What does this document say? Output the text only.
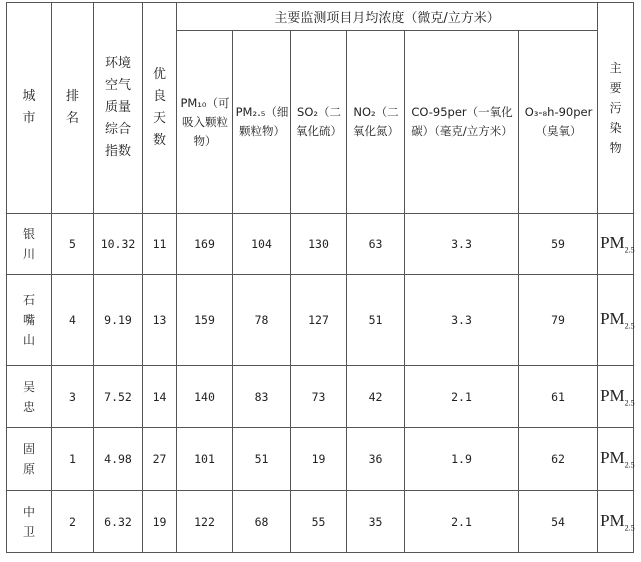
城市	排名	环境空气质量综合指数	优良天数	主要监测项目月均浓度（微克/立方米）						主要污染物

				PM₁₀（可吸入颗粒物）	PM₂.₅（细颗粒物）	SO₂（二氧化硫）	NO₂（二氧化氮）	CO-95per（一氧化碳）（毫克/立方米）	O₃-₈h-90per（臭氧）	

银川	5	10.32	11	169	104	130	63	3.3	59	$PM_{2.5}$

石嘴山	4	9.19	13	159	78	127	51	3.3	79	$PM_{2.5}$

吴忠	3	7.52	14	140	83	73	42	2.1	61	$PM_{2.5}$

固原	1	4.98	27	101	51	19	36	1.9	62	$PM_{2.5}$

中卫	2	6.32	19	122	68	55	35	2.1	54	$PM_{2.5}$
